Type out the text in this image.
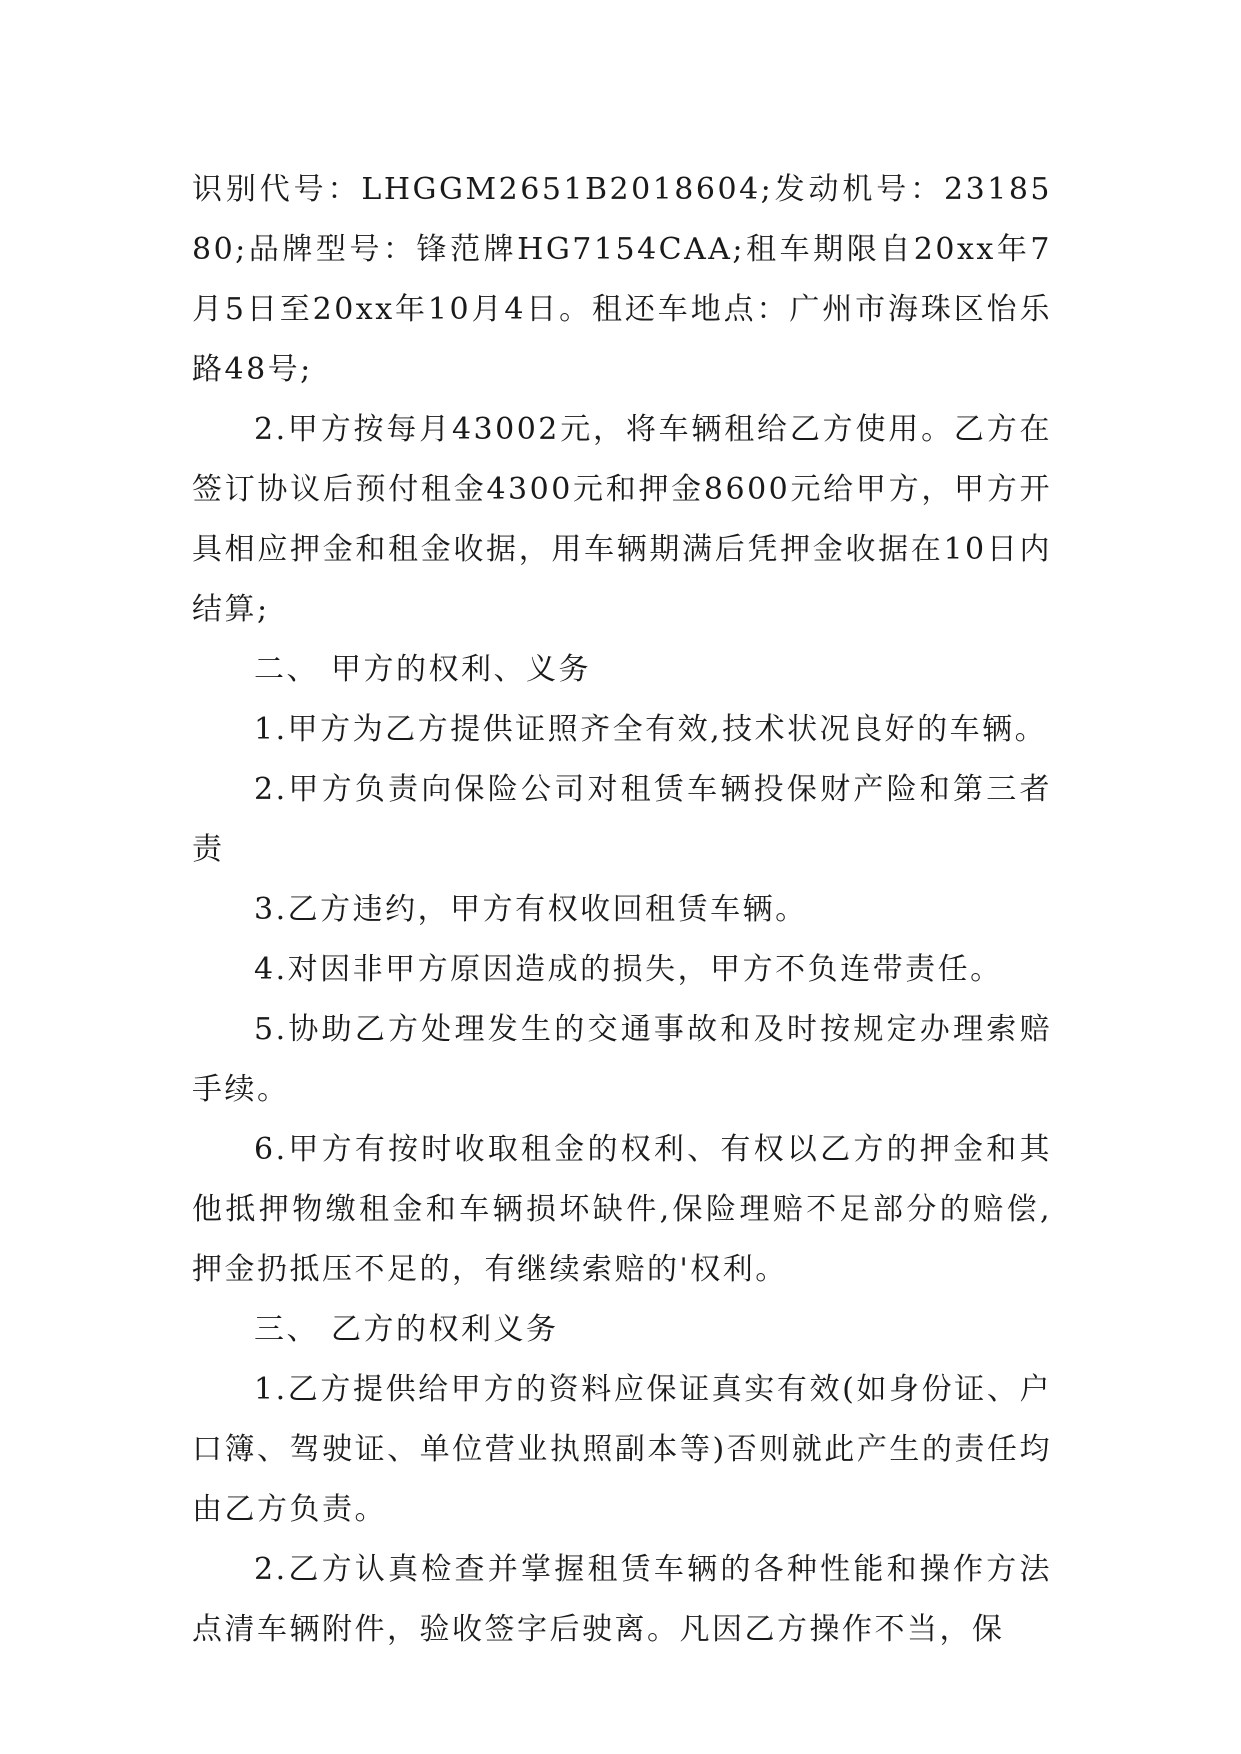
识别代号：LHGGM2651B2018604;发动机号：2318580;品牌型号：锋范牌HG7154CAA;租车期限自20xx年7月5日至20xx年10月4日。租还车地点：广州市海珠区怡乐路48号;

2.甲方按每月43002元，将车辆租给乙方使用。乙方在签订协议后预付租金4300元和押金8600元给甲方，甲方开具相应押金和租金收据，用车辆期满后凭押金收据在10日内结算;

二、 甲方的权利、义务

1.甲方为乙方提供证照齐全有效,技术状况良好的车辆。

2.甲方负责向保险公司对租赁车辆投保财产险和第三者责

3.乙方违约，甲方有权收回租赁车辆。

4.对因非甲方原因造成的损失，甲方不负连带责任。

5.协助乙方处理发生的交通事故和及时按规定办理索赔手续。

6.甲方有按时收取租金的权利、有权以乙方的押金和其他抵押物缴租金和车辆损坏缺件,保险理赔不足部分的赔偿,押金扔抵压不足的，有继续索赔的'权利。

三、 乙方的权利义务

1.乙方提供给甲方的资料应保证真实有效(如身份证、户口簿、驾驶证、单位营业执照副本等)否则就此产生的责任均由乙方负责。

2.乙方认真检查并掌握租赁车辆的各种性能和操作方法点清车辆附件，验收签字后驶离。凡因乙方操作不当，保
